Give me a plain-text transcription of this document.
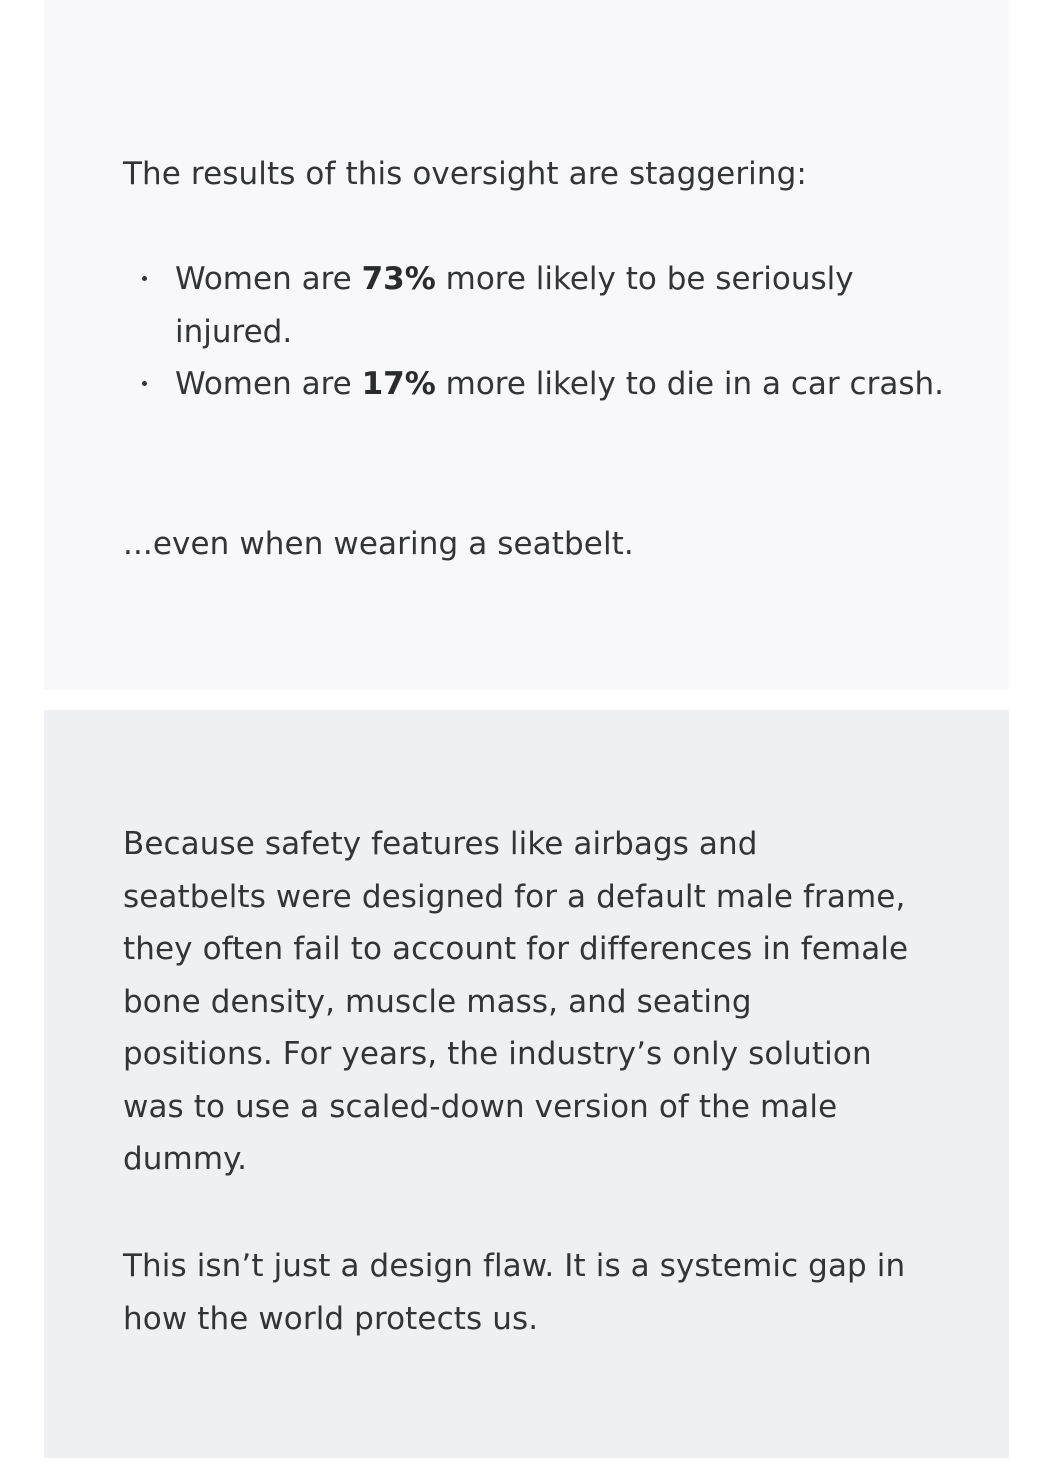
The results of this oversight are staggering:

Women are 73% more likely to be seriously injured.
Women are 17% more likely to die in a car crash.

...even when wearing a seatbelt.

Because safety features like airbags and seatbelts were designed for a default male frame, they often fail to account for differences in female bone density, muscle mass, and seating positions. For years, the industry’s only solution was to use a scaled-down version of the male dummy.

This isn’t just a design flaw. It is a systemic gap in how the world protects us.
